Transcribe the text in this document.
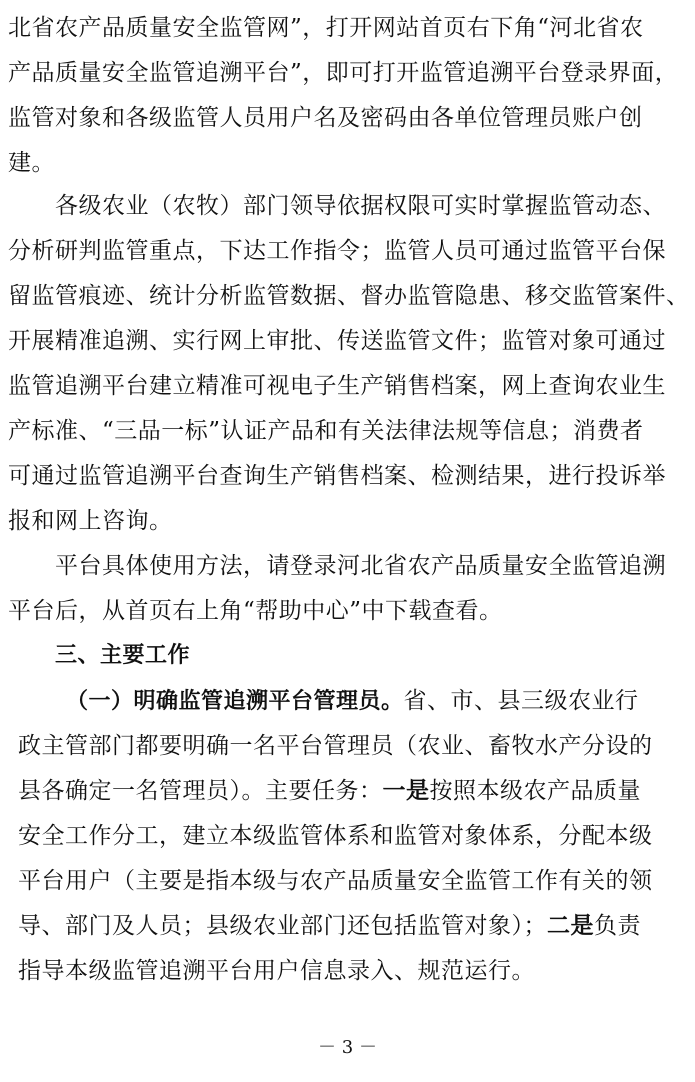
北省农产品质量安全监管网”，打开网站首页右下角“河北省农
产品质量安全监管追溯平台”，即可打开监管追溯平台登录界面，
监管对象和各级监管人员用户名及密码由各单位管理员账户创
建。
各级农业（农牧）部门领导依据权限可实时掌握监管动态、
分析研判监管重点，下达工作指令；监管人员可通过监管平台保
留监管痕迹、统计分析监管数据、督办监管隐患、移交监管案件、
开展精准追溯、实行网上审批、传送监管文件；监管对象可通过
监管追溯平台建立精准可视电子生产销售档案，网上查询农业生
产标准、“三品一标”认证产品和有关法律法规等信息；消费者
可通过监管追溯平台查询生产销售档案、检测结果，进行投诉举
报和网上咨询。
平台具体使用方法，请登录河北省农产品质量安全监管追溯
平台后，从首页右上角“帮助中心”中下载查看。
三、主要工作
（一）明确监管追溯平台管理员。省、市、县三级农业行
政主管部门都要明确一名平台管理员（农业、畜牧水产分设的
县各确定一名管理员）。主要任务：一是按照本级农产品质量
安全工作分工，建立本级监管体系和监管对象体系，分配本级
平台用户（主要是指本级与农产品质量安全监管工作有关的领
导、部门及人员；县级农业部门还包括监管对象）；二是负责
指导本级监管追溯平台用户信息录入、规范运行。
－ 3 －
